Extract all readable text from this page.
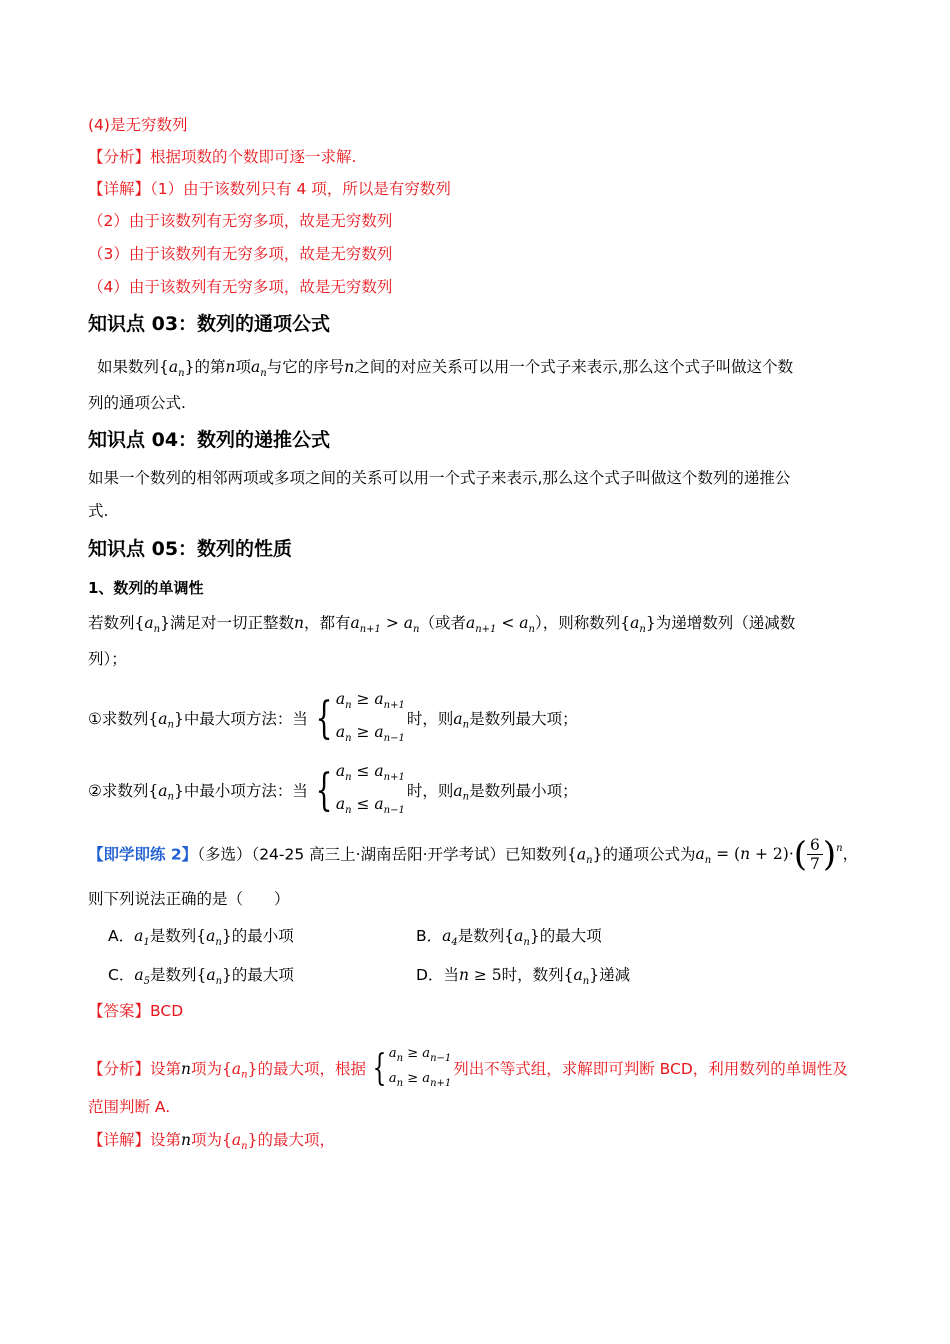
(4)是无穷数列
【分析】根据项数的个数即可逐一求解.
【详解】（1）由于该数列只有 4 项，所以是有穷数列
（2）由于该数列有无穷多项，故是无穷数列
（3）由于该数列有无穷多项，故是无穷数列
（4）由于该数列有无穷多项，故是无穷数列
知识点 03：数列的通项公式
如果数列$\{a_n\}$的第n项$a_n$与它的序号n之间的对应关系可以用一个式子来表示,那么这个式子叫做这个数
列的通项公式.
知识点 04：数列的递推公式
如果一个数列的相邻两项或多项之间的关系可以用一个式子来表示,那么这个式子叫做这个数列的递推公
式.
知识点 05：数列的性质
1、数列的单调性
若数列$\{a_n\}$满足对一切正整数n，都有$a_{n+1} > a_n$（或者$a_{n+1} < a_n$），则称数列$\{a_n\}$为递增数列（递减数
列）；
①求数列$\{a_n\}$中最大项方法：当 { $a_n \ge a_{n+1}$
$a_n \ge a_{n-1}$
时，则$a_n$是数列最大项；
②求数列$\{a_n\}$中最小项方法：当 { $a_n \le a_{n+1}$
$a_n \le a_{n-1}$
时，则$a_n$是数列最小项；
【即学即练 2】（多选）（24-25 高三上·湖南岳阳·开学考试）已知数列$\{a_n\}$的通项公式为$a_n = (n + 2)\cdot( \frac{6}{7} )^n$，
则下列说法正确的是（　　）
A．$a_1$是数列$\{a_n\}$的最小项	B．$a_4$是数列$\{a_n\}$的最大项
C．$a_5$是数列$\{a_n\}$的最大项	D．当n ≥ 5时，数列$\{a_n\}$递减
【答案】BCD
【分析】设第n项为$\{a_n\}$的最大项，根据 { $a_n \ge a_{n-1}$
$a_n \ge a_{n+1}$
列出不等式组，求解即可判断 BCD，利用数列的单调性及
范围判断 A.
【详解】设第n项为$\{a_n\}$的最大项，
